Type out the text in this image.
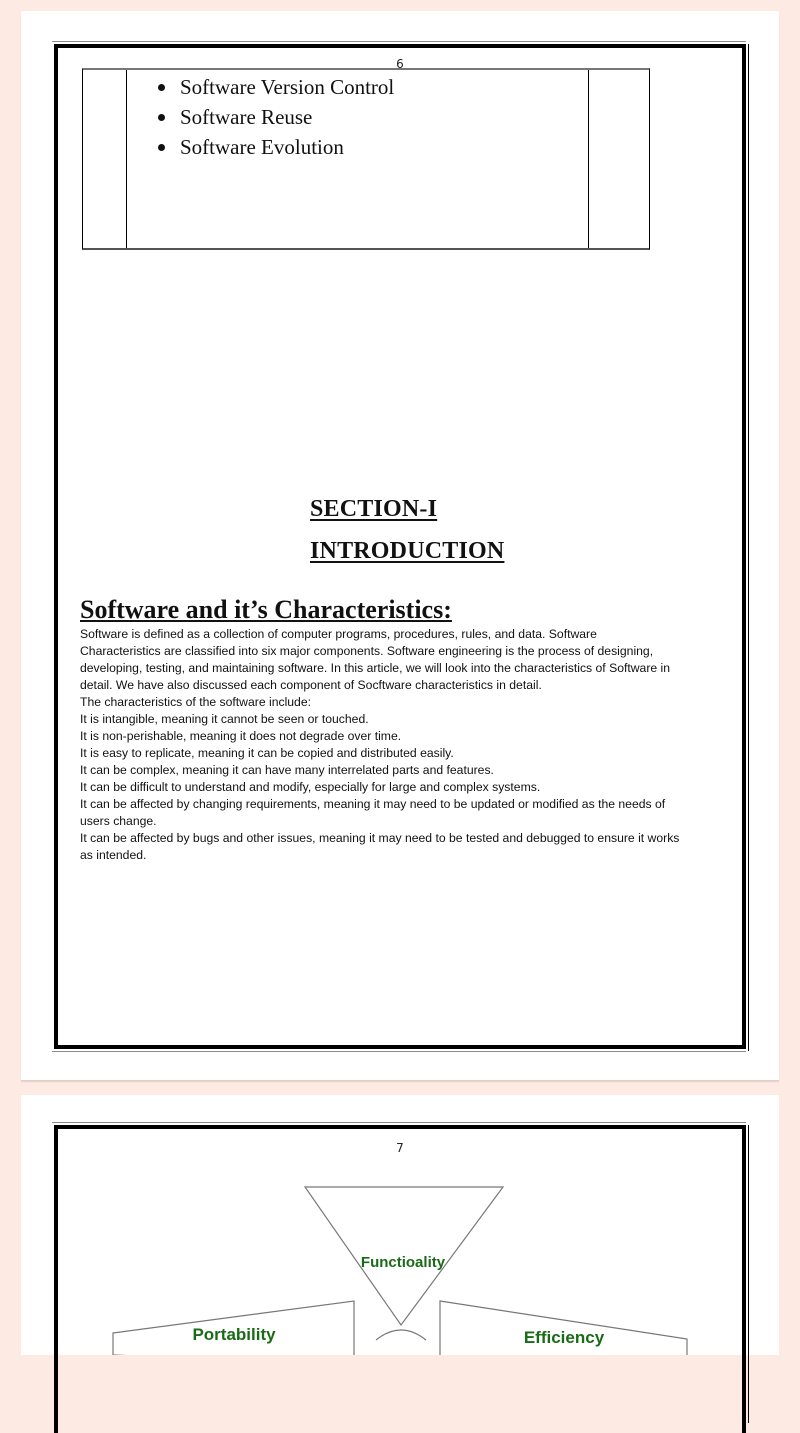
6
Software Version Control
Software Reuse
Software Evolution
SECTION-I
INTRODUCTION
Software and it’s Characteristics:

Software is defined as a collection of computer programs, procedures, rules, and data. Software Characteristics are classified into six major components. Software engineering is the process of designing, developing, testing, and maintaining software. In this article, we will look into the characteristics of Software in detail. We have also discussed each component of Socftware characteristics in detail.

The characteristics of the software include:

It is intangible, meaning it cannot be seen or touched.

It is non-perishable, meaning it does not degrade over time.

It is easy to replicate, meaning it can be copied and distributed easily.

It can be complex, meaning it can have many interrelated parts and features.

It can be difficult to understand and modify, especially for large and complex systems.

It can be affected by changing requirements, meaning it may need to be updated or modified as the needs of users change.

It can be affected by bugs and other issues, meaning it may need to be tested and debugged to ensure it works as intended.

7
Functioality
Portability	Efficiency
